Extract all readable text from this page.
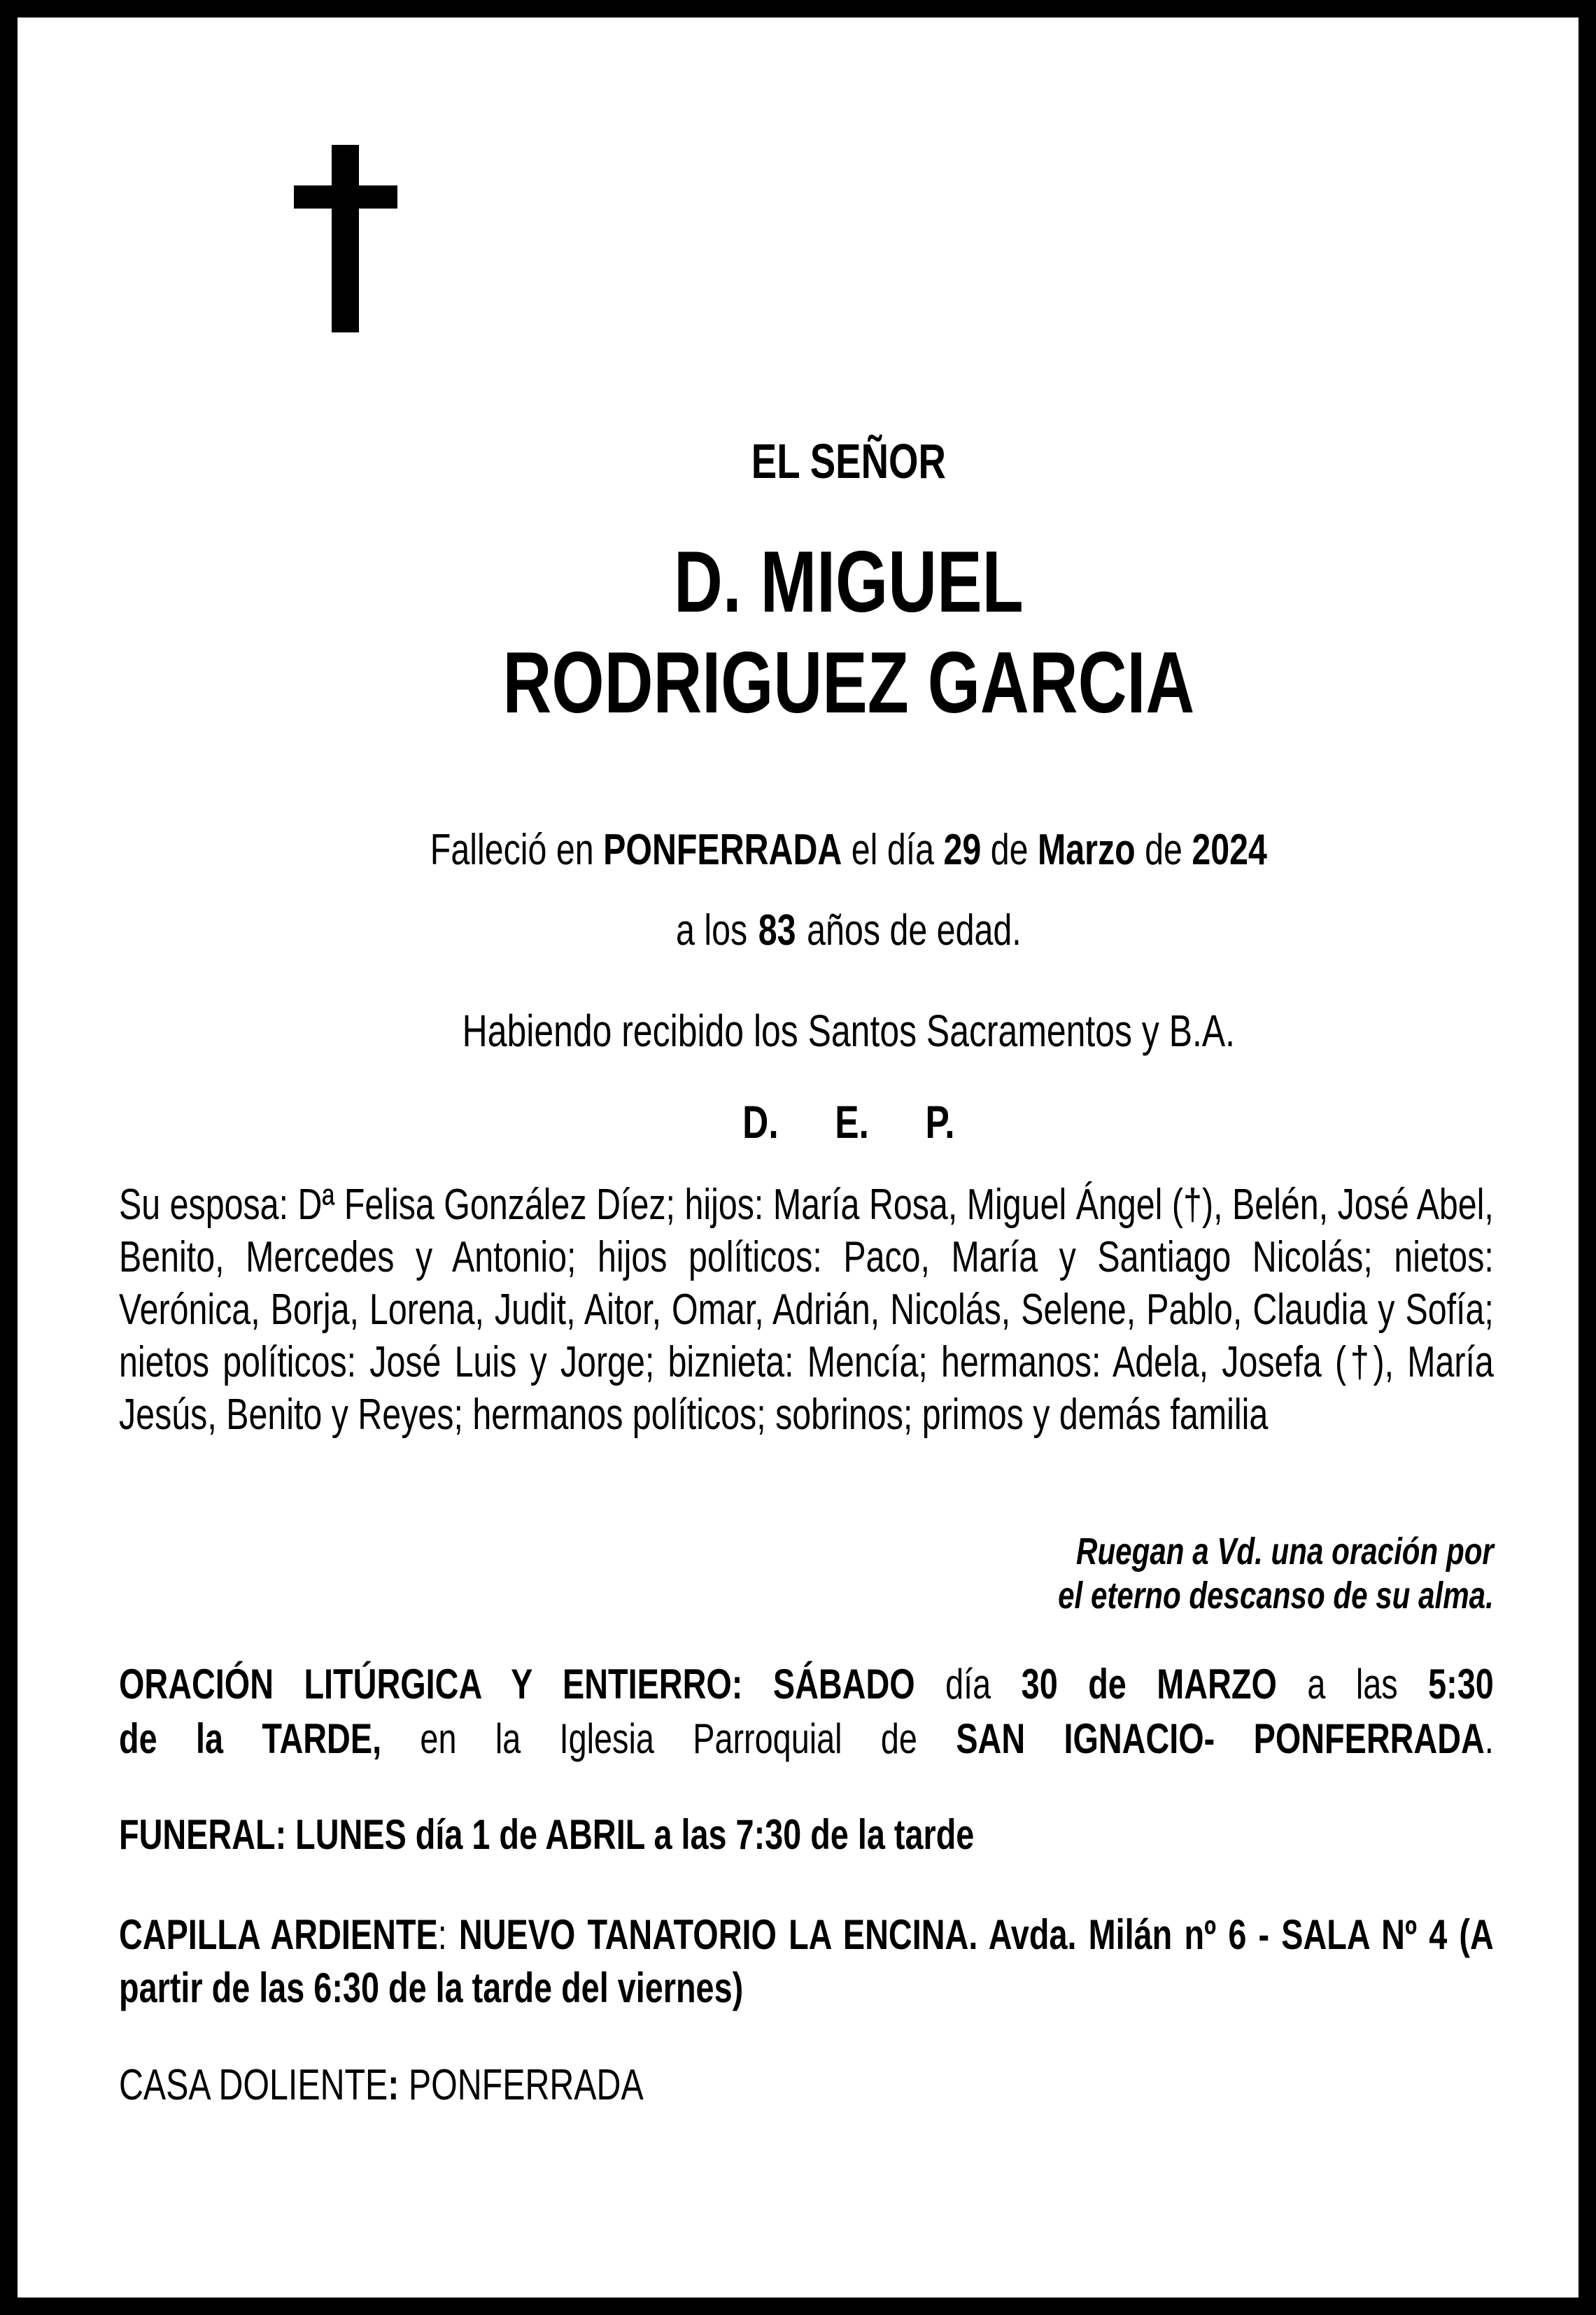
EL SEÑOR
D. MIGUEL
RODRIGUEZ GARCIA
Falleció en PONFERRADA el día 29 de Marzo de 2024
a los 83 años de edad.
Habiendo recibido los Santos Sacramentos y B.A.
D. E. P.
Su esposa: Dª Felisa González Díez; hijos: María Rosa, Miguel Ángel (†), Belén, José Abel, Benito, Mercedes y Antonio; hijos políticos: Paco, María y Santiago Nicolás; nietos: Verónica, Borja, Lorena, Judit, Aitor, Omar, Adrián, Nicolás, Selene, Pablo, Claudia y Sofía; nietos políticos: José Luis y Jorge; biznieta: Mencía; hermanos: Adela, Josefa (†), María Jesús, Benito y Reyes; hermanos políticos; sobrinos; primos y demás familia
Ruegan a Vd. una oración por
el eterno descanso de su alma.
ORACIÓN LITÚRGICA Y ENTIERRO: SÁBADO día 30 de MARZO a las 5:30
de la TARDE, en la Iglesia Parroquial de SAN IGNACIO- PONFERRADA.
FUNERAL: LUNES día 1 de ABRIL a las 7:30 de la tarde
CAPILLA ARDIENTE: NUEVO TANATORIO LA ENCINA. Avda. Milán nº 6 - SALA Nº 4 (A partir de las 6:30 de la tarde del viernes)
CASA DOLIENTE: PONFERRADA
